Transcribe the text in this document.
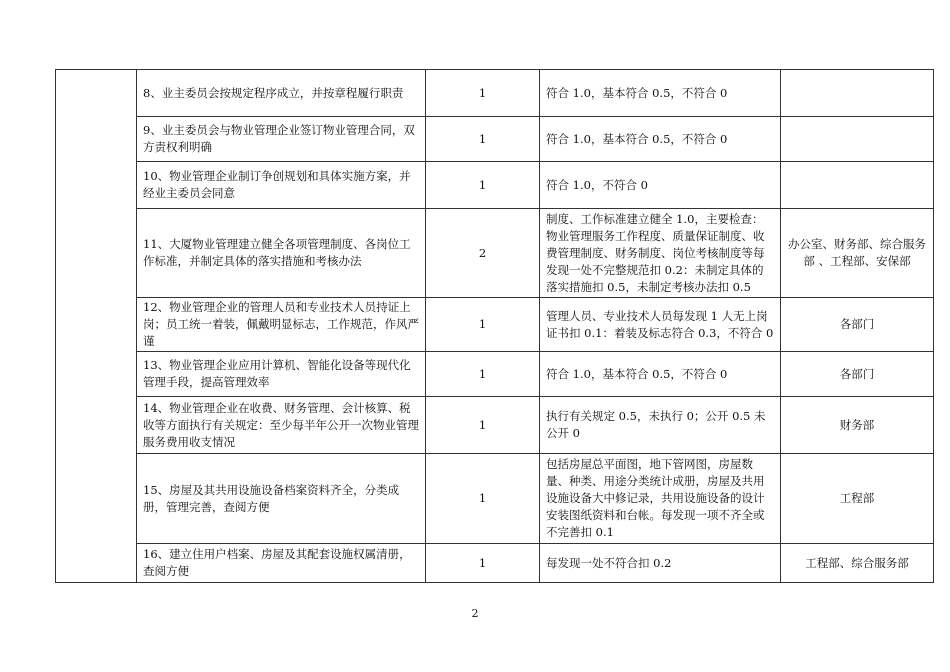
	8、业主委员会按规定程序成立，并按章程履行职责	1	符合 1.0，基本符合 0.5，不符合 0	
	9、业主委员会与物业管理企业签订物业管理合同，双方责权利明确	1	符合 1.0，基本符合 0.5，不符合 0	
	10、物业管理企业制订争创规划和具体实施方案，并经业主委员会同意	1	符合 1.0，不符合 0	
	11、大厦物业管理建立健全各项管理制度、各岗位工作标准，并制定具体的落实措施和考核办法	2	制度、工作标准建立健全 1.0，主要检查：物业管理服务工作程度、质量保证制度、收费管理制度、财务制度、岗位考核制度等每发现一处不完整规范扣 0.2：未制定具体的落实措施扣 0.5，未制定考核办法扣 0.5	办公室、财务部、综合服务部 、工程部、安保部
	12、物业管理企业的管理人员和专业技术人员持证上岗；员工统一着装，佩戴明显标志，工作规范，作风严谨	1	管理人员、专业技术人员每发现 1 人无上岗证书扣 0.1：着装及标志符合 0.3，不符合 0	各部门
	13、物业管理企业应用计算机、智能化设备等现代化管理手段，提高管理效率	1	符合 1.0，基本符合 0.5，不符合 0	各部门
	14、物业管理企业在收费、财务管理、会计核算、税收等方面执行有关规定：至少每半年公开一次物业管理服务费用收支情况	1	执行有关规定 0.5，未执行 0；公开 0.5 未公开 0	财务部
	15、房屋及其共用设施设备档案资料齐全，分类成册，管理完善，查阅方便	1	包括房屋总平面图，地下管网图，房屋数量、种类、用途分类统计成册，房屋及共用设施设备大中修记录，共用设施设备的设计安装图纸资料和台帐。每发现一项不齐全或不完善扣 0.1	工程部
	16、建立住用户档案、房屋及其配套设施权属清册，查阅方便	1	每发现一处不符合扣 0.2	工程部、综合服务部
2
